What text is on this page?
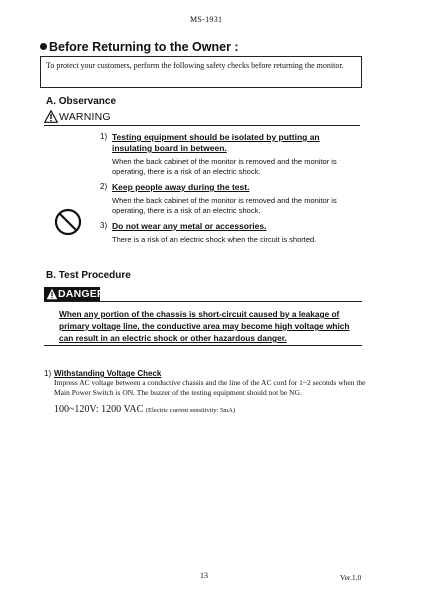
MS-1931
Before Returning to the Owner :
To protect your customers, perform the following safety checks before returning the monitor.
A. Observance
WARNING
1) Testing equipment should be isolated by putting an insulating board in between.
When the back cabinet of the monitor is removed and the monitor is operating, there is a risk of an electric shock.
2) Keep people away during the test.
When the back cabinet of the monitor is removed and the monitor is operating, there is a risk of an electric shock.
3) Do not wear any metal or accessories.
There is a risk of an electric shock when the circuit is shorted.
B. Test Procedure
DANGER
When any portion of the chassis is short-circuit caused by a leakage of primary voltage line, the conductive area may become high voltage which can result in an electric shock or other hazardous danger.
1) Withstanding Voltage Check
Impress AC voltage between a conductive chassis and the line of the AC cord for 1~2 seconds when the Main Power Switch is ON. The buzzer of the testing equipment should not be NG.
100~120V: 1200 VAC (Electric current sensitivity: 5mA)
13	Ver.1.0
